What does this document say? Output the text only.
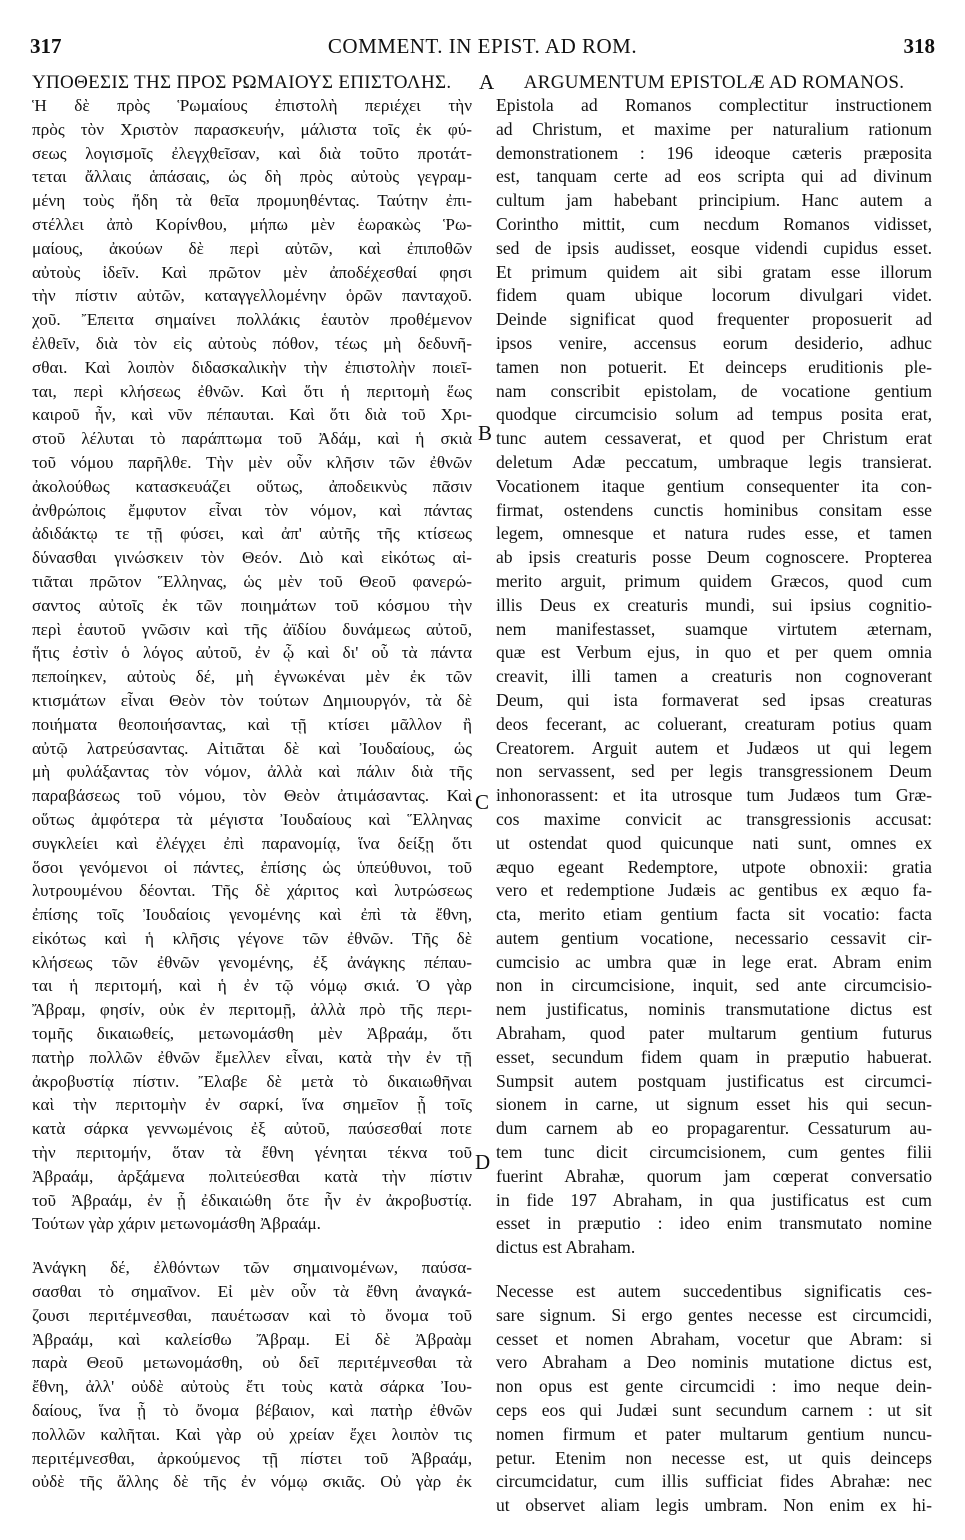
317	COMMENT. IN EPIST. AD ROM.	318
A
B
C
D
ΥΠΟΘΕΣΙΣ ΤΗΣ ΠΡΟΣ ΡΩΜΑΙΟΥΣ ΕΠΙΣΤΟΛΗΣ.
Ἡ δὲ πρὸς Ῥωμαίους ἐπιστολὴ περιέχει τὴν
πρὸς τὸν Χριστὸν παρασκευήν, μάλιστα τοῖς ἐκ φύ-
σεως λογισμοῖς ἐλεγχθεῖσαν, καὶ διὰ τοῦτο προτάτ-
τεται ἄλλαις ἁπάσαις, ὡς δὴ πρὸς αὐτοὺς γεγραμ-
μένη τοὺς ἤδη τὰ θεῖα προμυηθέντας. Ταύτην ἐπι-
στέλλει ἀπὸ Κορίνθου, μήπω μὲν ἑωρακὼς Ῥω-
μαίους, ἀκούων δὲ περὶ αὐτῶν, καὶ ἐπιποθῶν
αὐτοὺς ἰδεῖν. Καὶ πρῶτον μὲν ἀποδέχεσθαί φησι
τὴν πίστιν αὐτῶν, καταγγελλομένην ὁρῶν πανταχοῦ.
χοῦ. Ἔπειτα σημαίνει πολλάκις ἑαυτὸν προθέμενον
ἐλθεῖν, διὰ τὸν εἰς αὐτοὺς πόθον, τέως μὴ δεδυνῆ-
σθαι. Καὶ λοιπὸν διδασκαλικὴν τὴν ἐπιστολὴν ποιεῖ-
ται, περὶ κλήσεως ἐθνῶν. Καὶ ὅτι ἡ περιτομὴ ἕως
καιροῦ ἦν, καὶ νῦν πέπαυται. Καὶ ὅτι διὰ τοῦ Χρι-
στοῦ λέλυται τὸ παράπτωμα τοῦ Ἀδάμ, καὶ ἡ σκιὰ
τοῦ νόμου παρῆλθε. Τὴν μὲν οὖν κλῆσιν τῶν ἐθνῶν
ἀκολούθως κατασκευάζει οὕτως, ἀποδεικνὺς πᾶσιν
ἀνθρώποις ἔμφυτον εἶναι τὸν νόμον, καὶ πάντας
ἀδιδάκτῳ τε τῇ φύσει, καὶ ἀπ' αὐτῆς τῆς κτίσεως
δύνασθαι γινώσκειν τὸν Θεόν. Διὸ καὶ εἰκότως αἰ-
τιᾶται πρῶτον Ἕλληνας, ὡς μὲν τοῦ Θεοῦ φανερώ-
σαντος αὐτοῖς ἐκ τῶν ποιημάτων τοῦ κόσμου τὴν
περὶ ἑαυτοῦ γνῶσιν καὶ τῆς ἀϊδίου δυνάμεως αὐτοῦ,
ἥτις ἐστὶν ὁ λόγος αὐτοῦ, ἐν ᾧ καὶ δι' οὗ τὰ πάντα
πεποίηκεν, αὐτοὺς δέ, μὴ ἐγνωκέναι μὲν ἐκ τῶν
κτισμάτων εἶναι Θεὸν τὸν τούτων Δημιουργόν, τὰ δὲ
ποιήματα θεοποιήσαντας, καὶ τῇ κτίσει μᾶλλον ἢ
αὐτῷ λατρεύσαντας. Αἰτιᾶται δὲ καὶ Ἰουδαίους, ὡς
μὴ φυλάξαντας τὸν νόμον, ἀλλὰ καὶ πάλιν διὰ τῆς
παραβάσεως τοῦ νόμου, τὸν Θεὸν ἀτιμάσαντας. Καὶ
οὕτως ἀμφότερα τὰ μέγιστα Ἰουδαίους καὶ Ἕλληνας
συγκλείει καὶ ἐλέγχει ἐπὶ παρανομίᾳ, ἵνα δείξῃ ὅτι
ὅσοι γενόμενοι οἱ πάντες, ἐπίσης ὡς ὑπεύθυνοι, τοῦ
λυτρουμένου δέονται. Τῆς δὲ χάριτος καὶ λυτρώσεως
ἐπίσης τοῖς Ἰουδαίοις γενομένης καὶ ἐπὶ τὰ ἔθνη,
εἰκότως καὶ ἡ κλῆσις γέγονε τῶν ἐθνῶν. Τῆς δὲ
κλήσεως τῶν ἐθνῶν γενομένης, ἐξ ἀνάγκης πέπαυ-
ται ἡ περιτομή, καὶ ἡ ἐν τῷ νόμῳ σκιά. Ὁ γὰρ
Ἄβραμ, φησίν, οὐκ ἐν περιτομῇ, ἀλλὰ πρὸ τῆς περι-
τομῆς δικαιωθείς, μετωνομάσθη μὲν Ἀβραάμ, ὅτι
πατὴρ πολλῶν ἐθνῶν ἔμελλεν εἶναι, κατὰ τὴν ἐν τῇ
ἀκροβυστίᾳ πίστιν. Ἔλαβε δὲ μετὰ τὸ δικαιωθῆναι
καὶ τὴν περιτομὴν ἐν σαρκί, ἵνα σημεῖον ᾖ τοῖς
κατὰ σάρκα γεννωμένοις ἐξ αὐτοῦ, παύσεσθαί ποτε
τὴν περιτομήν, ὅταν τὰ ἔθνη γένηται τέκνα τοῦ
Ἀβραάμ, ἀρξάμενα πολιτεύεσθαι κατὰ τὴν πίστιν
τοῦ Ἀβραάμ, ἐν ᾗ ἐδικαιώθη ὅτε ἦν ἐν ἀκροβυστίᾳ.
Τούτων γὰρ χάριν μετωνομάσθη Ἀβραάμ.
Ἀνάγκη δέ, ἐλθόντων τῶν σημαινομένων, παύσα-
σασθαι τὸ σημαῖνον. Εἰ μὲν οὖν τὰ ἔθνη ἀναγκά-
ζουσι περιτέμνεσθαι, παυέτωσαν καὶ τὸ ὄνομα τοῦ
Ἀβραάμ, καὶ καλείσθω Ἄβραμ. Εἰ δὲ Ἀβραὰμ
παρὰ Θεοῦ μετωνομάσθη, οὐ δεῖ περιτέμνεσθαι τὰ
ἔθνη, ἀλλ' οὐδὲ αὐτοὺς ἔτι τοὺς κατὰ σάρκα Ἰου-
δαίους, ἵνα ᾖ τὸ ὄνομα βέβαιον, καὶ πατὴρ ἐθνῶν
πολλῶν καλῆται. Καὶ γὰρ οὐ χρείαν ἔχει λοιπὸν τις
περιτέμνεσθαι, ἀρκούμενος τῇ πίστει τοῦ Ἀβραάμ,
οὐδὲ τῆς ἄλλης δὲ τῆς ἐν νόμῳ σκιᾶς. Οὐ γὰρ ἐκ
ARGUMENTUM EPISTOLÆ AD ROMANOS.
Epistola ad Romanos complectitur instructionem
ad Christum, et maxime per naturalium rationum
demonstrationem : 196 ideoque cæteris præposita
est, tanquam certe ad eos scripta qui ad divinum
cultum jam habebant principium. Hanc autem a
Corintho mittit, cum necdum Romanos vidisset,
sed de ipsis audisset, eosque videndi cupidus esset.
Et primum quidem ait sibi gratam esse illorum
fidem quam ubique locorum divulgari videt.
Deinde significat quod frequenter proposuerit ad
ipsos venire, accensus eorum desiderio, adhuc
tamen non potuerit. Et deinceps eruditionis ple-
nam conscribit epistolam, de vocatione gentium
quodque circumcisio solum ad tempus posita erat,
tunc autem cessaverat, et quod per Christum erat
deletum Adæ peccatum, umbraque legis transierat.
Vocationem itaque gentium consequenter ita con-
firmat, ostendens cunctis hominibus consitam esse
legem, omnesque et natura rudes esse, et tamen
ab ipsis creaturis posse Deum cognoscere. Propterea
merito arguit, primum quidem Græcos, quod cum
illis Deus ex creaturis mundi, sui ipsius cognitio-
nem manifestasset, suamque virtutem æternam,
quæ est Verbum ejus, in quo et per quem omnia
creavit, illi tamen a creaturis non cognoverant
Deum, qui ista formaverat sed ipsas creaturas
deos fecerant, ac coluerant, creaturam potius quam
Creatorem. Arguit autem et Judæos ut qui legem
non servassent, sed per legis transgressionem Deum
inhonorassent: et ita utrosque tum Judæos tum Græ-
cos maxime convicit ac transgressionis accusat:
ut ostendat quod quicunque nati sunt, omnes ex
æquo egeant Redemptore, utpote obnoxii: gratia
vero et redemptione Judæis ac gentibus ex æquo fa-
cta, merito etiam gentium facta sit vocatio: facta
autem gentium vocatione, necessario cessavit cir-
cumcisio ac umbra quæ in lege erat. Abram enim
non in circumcisione, inquit, sed ante circumcisio-
nem justificatus, nominis transmutatione dictus est
Abraham, quod pater multarum gentium futurus
esset, secundum fidem quam in præputio habuerat.
Sumpsit autem postquam justificatus est circumci-
sionem in carne, ut signum esset his qui secun-
dum carnem ab eo propagarentur. Cessaturum au-
tem tunc dicit circumcisionem, cum gentes filii
fuerint Abrahæ, quorum jam cœperat conversatio
in fide 197 Abraham, in qua justificatus est cum
esset in præputio : ideo enim transmutato nomine
dictus est Abraham.
Necesse est autem succedentibus significatis ces-
sare signum. Si ergo gentes necesse est circumcidi,
cesset et nomen Abraham, vocetur que Abram: si
vero Abraham a Deo nominis mutatione dictus est,
non opus est gente circumcidi : imo neque dein-
ceps eos qui Judæi sunt secundum carnem : ut sit
nomen firmum et pater multarum gentium nuncu-
petur. Etenim non necesse est, ut quis deinceps
circumcidatur, cum illis sufficiat fides Abrahæ: nec
ut observet aliam legis umbram. Non enim ex hi-
